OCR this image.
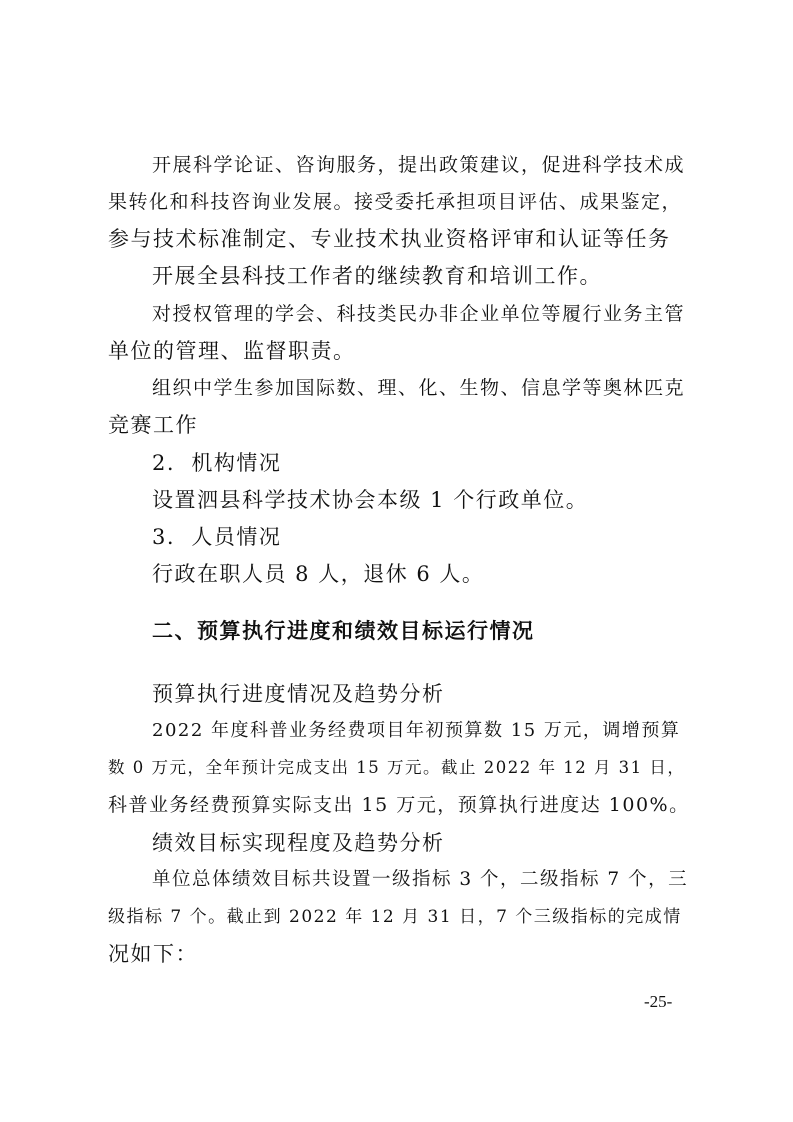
开展科学论证、咨询服务，提出政策建议，促进科学技术成
果转化和科技咨询业发展。接受委托承担项目评估、成果鉴定，
参与技术标准制定、专业技术执业资格评审和认证等任务
开展全县科技工作者的继续教育和培训工作。
对授权管理的学会、科技类民办非企业单位等履行业务主管
单位的管理、监督职责。
组织中学生参加国际数、理、化、生物、信息学等奥林匹克
竞赛工作
2.  机构情况
设置泗县科学技术协会本级 1 个行政单位。
3.  人员情况
行政在职人员 8 人，退休 6 人。
二、预算执行进度和绩效目标运行情况
预算执行进度情况及趋势分析
2022 年度科普业务经费项目年初预算数 15 万元，调增预算
数 0 万元，全年预计完成支出 15 万元。截止 2022 年 12 月 31 日，
科普业务经费预算实际支出 15 万元，预算执行进度达 100%。
绩效目标实现程度及趋势分析
单位总体绩效目标共设置一级指标 3 个，二级指标 7 个，三
级指标 7 个。截止到 2022 年 12 月 31 日，7 个三级指标的完成情
况如下：
-25-
